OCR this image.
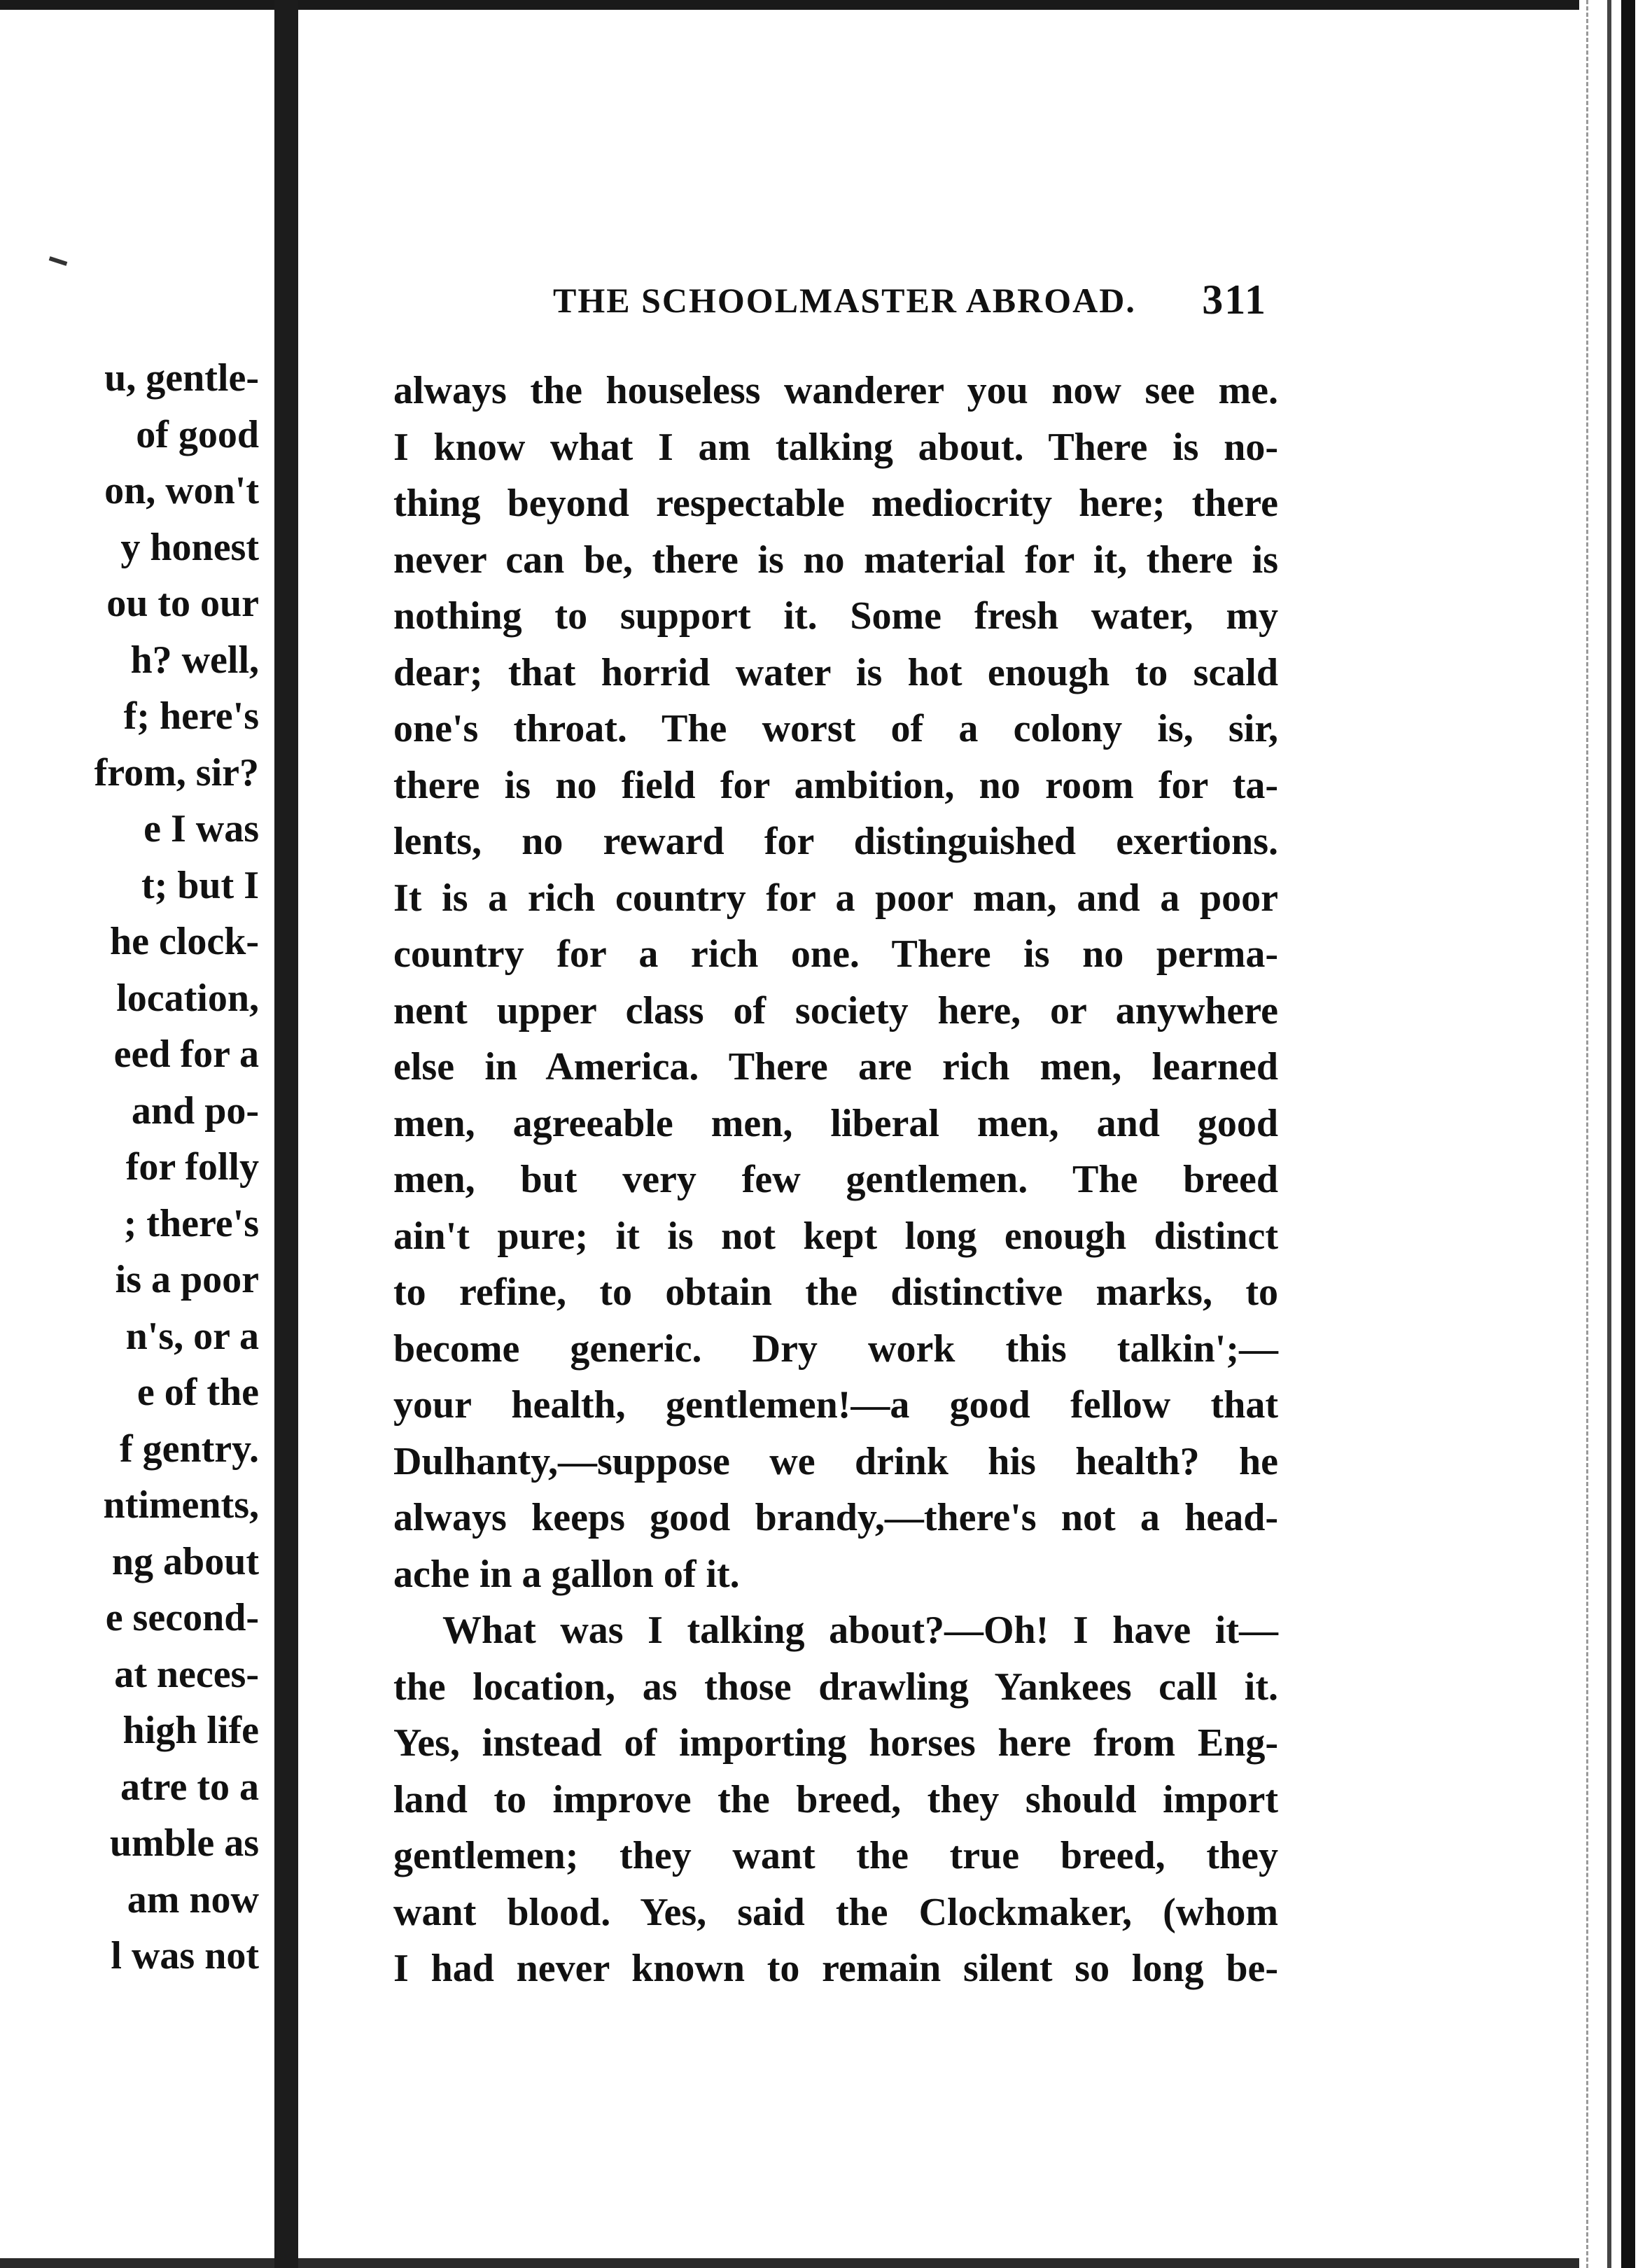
u, gentle-
of good
on, won't
y honest
ou to our
h? well,
f; here's
from, sir?
e I was
t; but I
he clock-
location,
eed for a
and po-
for folly
; there's
is a poor
n's, or a
e of the
f gentry.
ntiments,
ng about
e second-
at neces-
high life
atre to a
umble as
am now
l was not
THE SCHOOLMASTER ABROAD. 311
always the houseless wanderer you now see me.
I know what I am talking about. There is no-
thing beyond respectable mediocrity here; there
never can be, there is no material for it, there is
nothing to support it. Some fresh water, my
dear; that horrid water is hot enough to scald
one's throat. The worst of a colony is, sir,
there is no field for ambition, no room for ta-
lents, no reward for distinguished exertions.
It is a rich country for a poor man, and a poor
country for a rich one. There is no perma-
nent upper class of society here, or anywhere
else in America. There are rich men, learned
men, agreeable men, liberal men, and good
men, but very few gentlemen. The breed
ain't pure; it is not kept long enough distinct
to refine, to obtain the distinctive marks, to
become generic. Dry work this talkin';—
your health, gentlemen!—a good fellow that
Dulhanty,—suppose we drink his health? he
always keeps good brandy,—there's not a head-
ache in a gallon of it.
What was I talking about?—Oh! I have it—
the location, as those drawling Yankees call it.
Yes, instead of importing horses here from Eng-
land to improve the breed, they should import
gentlemen; they want the true breed, they
want blood. Yes, said the Clockmaker, (whom
I had never known to remain silent so long be-
